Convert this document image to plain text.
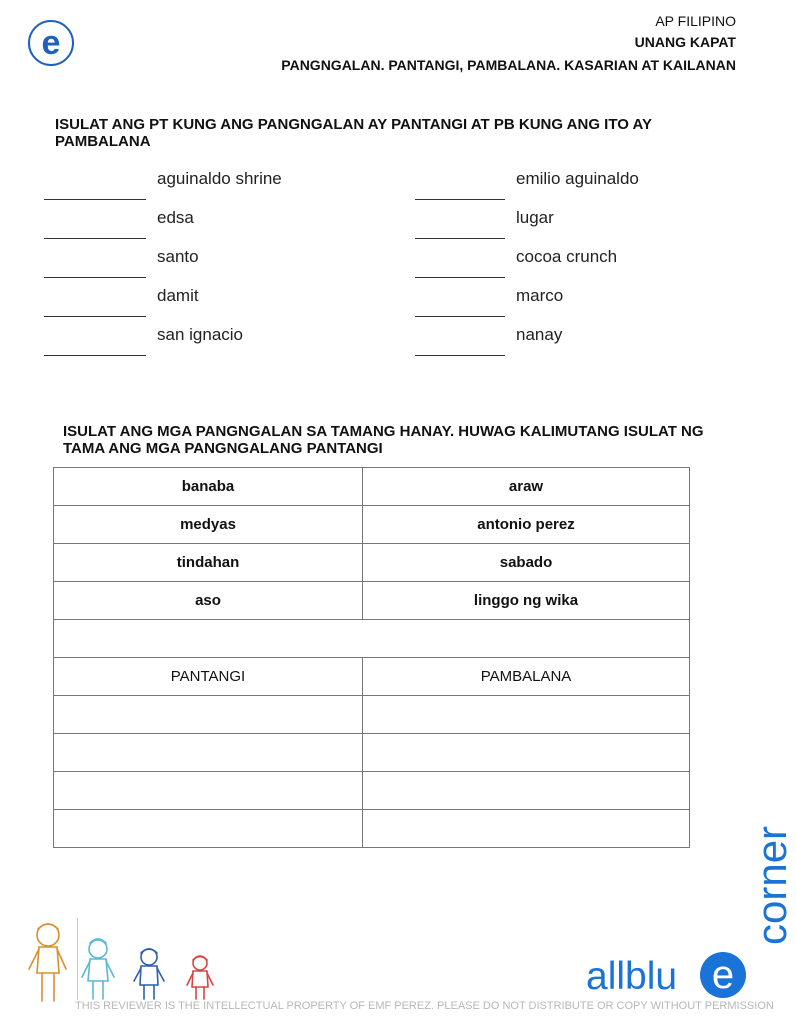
e
AP FILIPINO
UNANG KAPAT
PANGNGALAN. PANTANGI, PAMBALANA. KASARIAN AT KAILANAN
ISULAT ANG PT KUNG ANG PANGNGALAN AY PANTANGI AT PB KUNG ANG ITO AY PAMBALANA
aguinaldo shrine
edsa
santo
damit
san ignacio
emilio aguinaldo
lugar
cocoa crunch
marco
nanay
ISULAT ANG MGA PANGNGALAN SA TAMANG HANAY. HUWAG KALIMUTANG ISULAT NG TAMA ANG MGA PANGNGALANG PANTANGI
banaba	araw
medyas	antonio perez
tindahan	sabado
aso	linggo ng wika

PANTANGI	PAMBALANA

corner
allblu e
THIS REVIEWER IS THE INTELLECTUAL PROPERTY OF EMF PEREZ. PLEASE DO NOT DISTRIBUTE OR COPY WITHOUT PERMISSION
